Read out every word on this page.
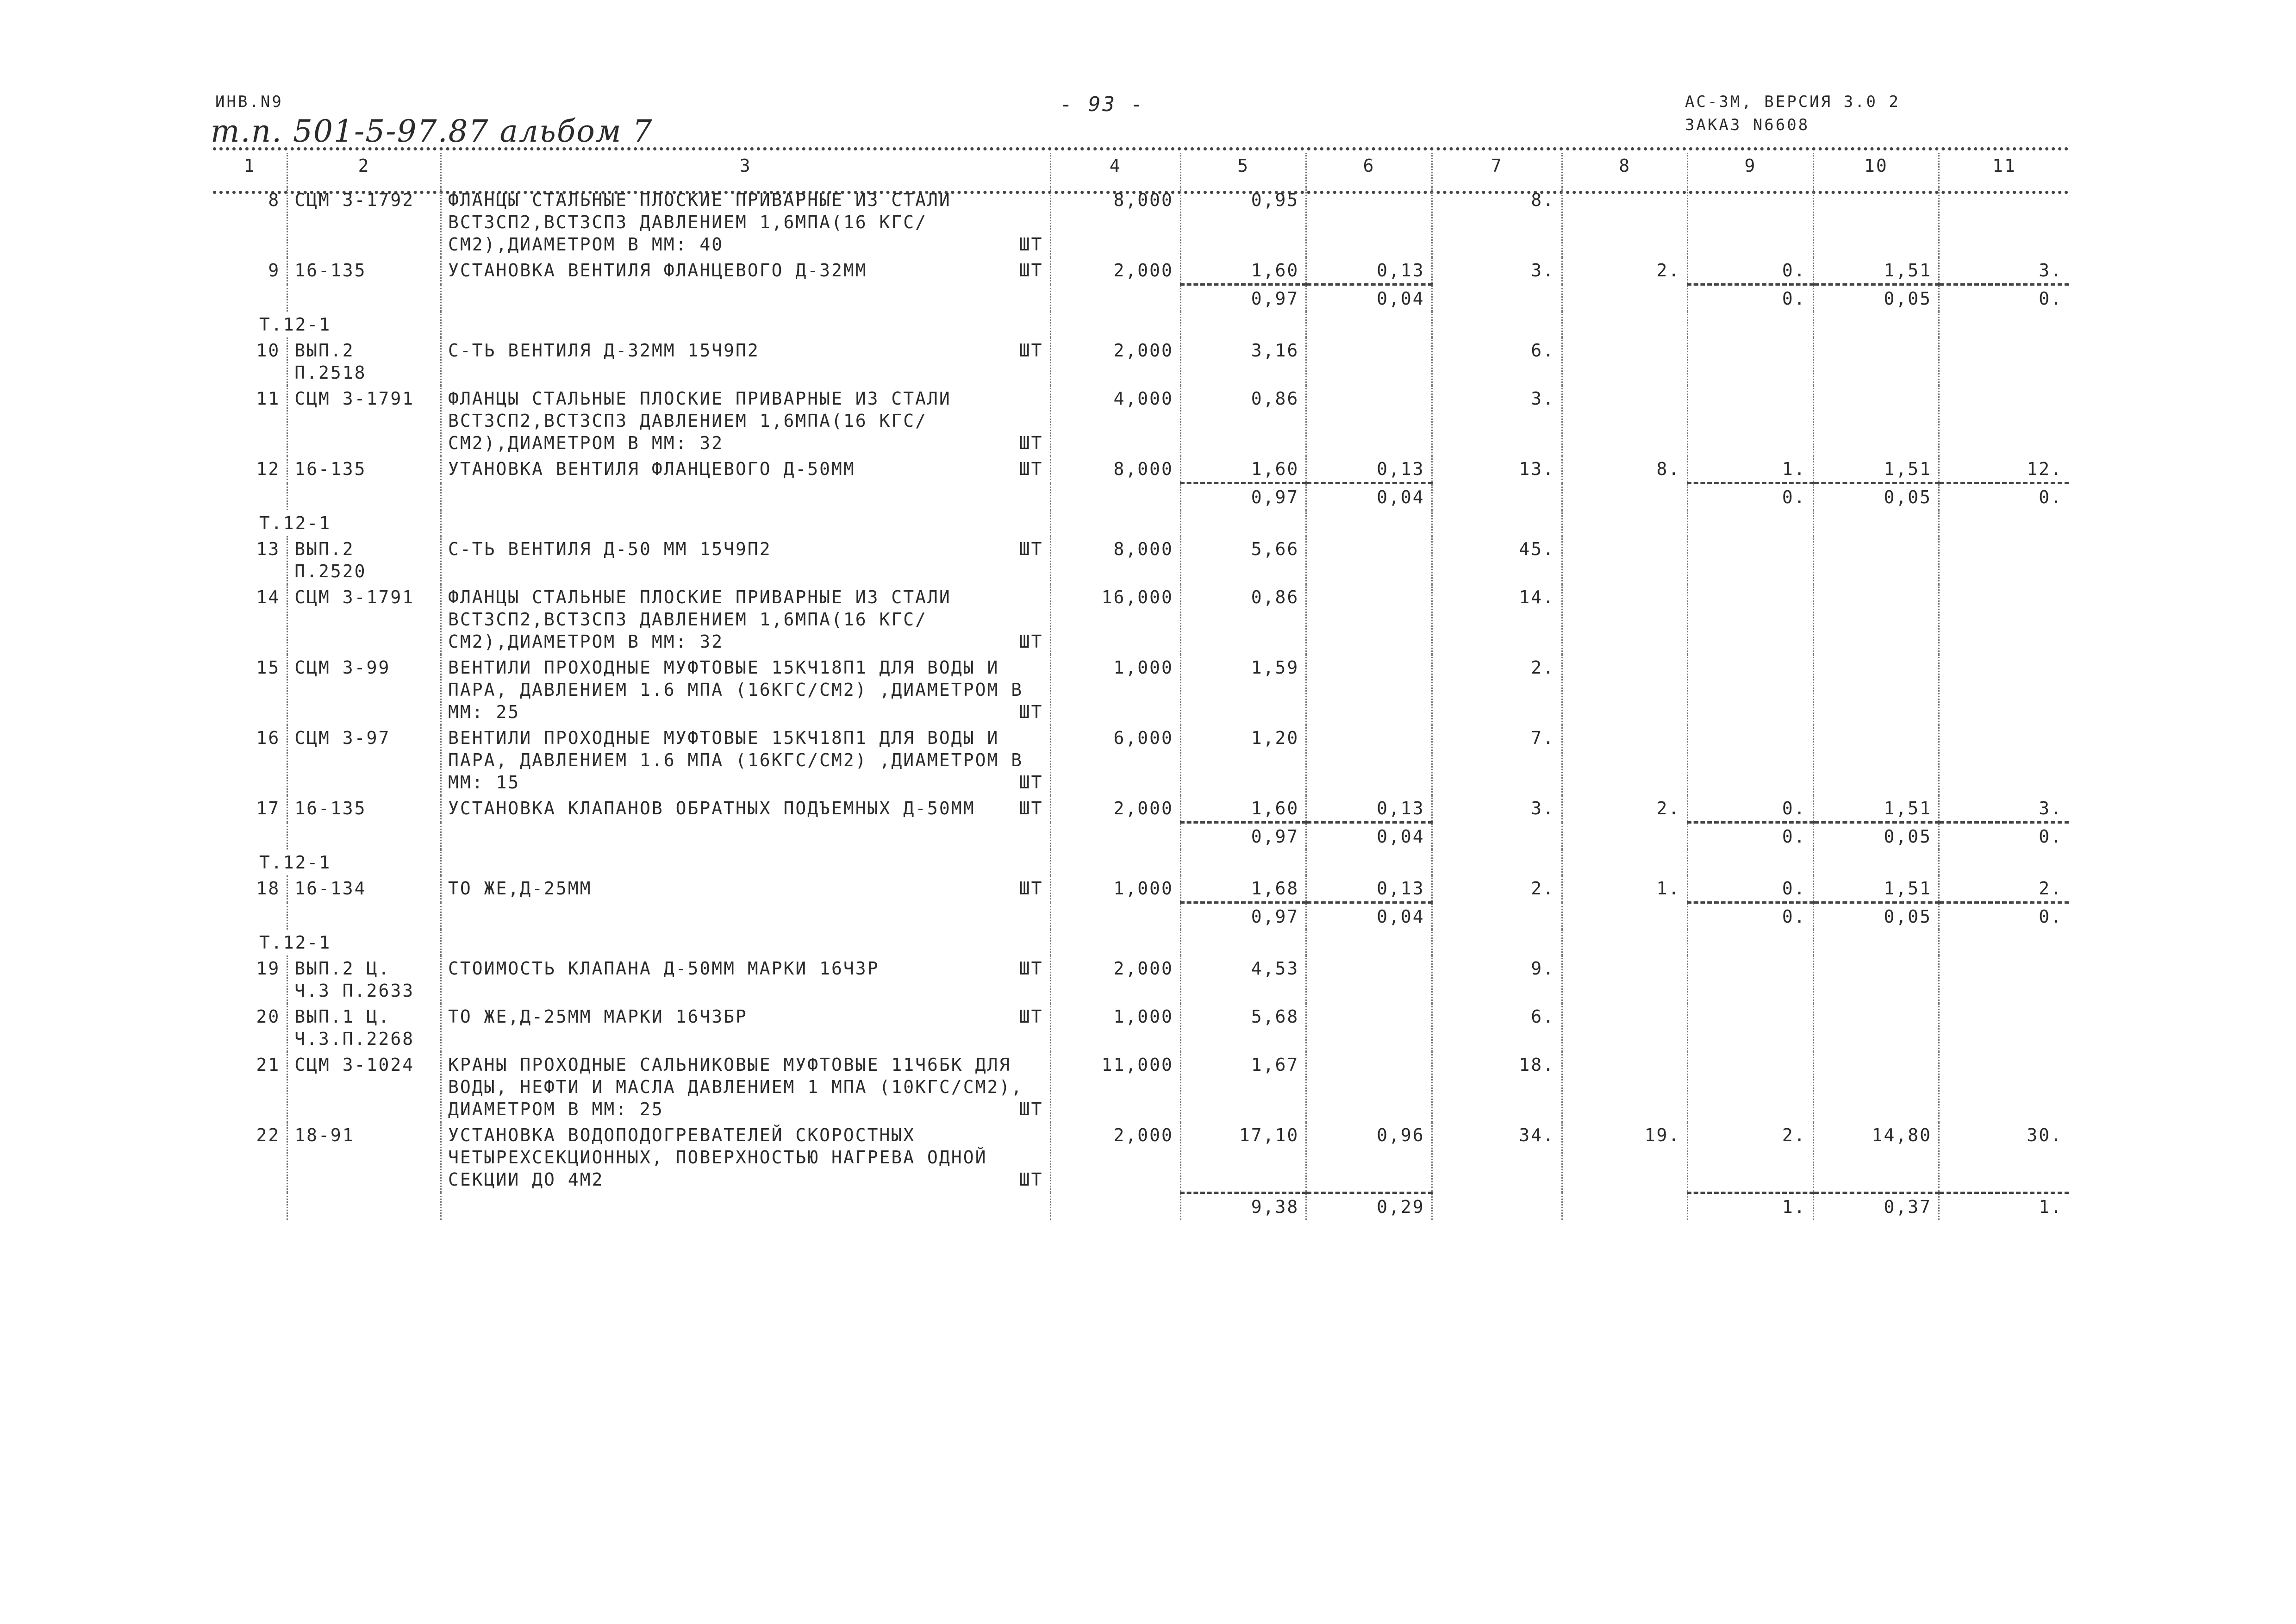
ИНВ.N9
т.п. 501-5-97.87 альбом 7
- 93 -	АС-3М, ВЕРСИЯ 3.0 2
ЗАКАЗ N6608
1	2	3	4	5	6	7	8	9	10	11
8	СЦМ 3-1792	ФЛАНЦЫ СТАЛЬНЫЕ ПЛОСКИЕ ПРИВАРНЫЕ ИЗ СТАЛИ ВСТ3СП2,ВСТ3СП3 ДАВЛЕНИЕМ 1,6МПА(16 КГС/СМ2),ДИАМЕТРОМ В ММ: 40 ШТ	8,000	0,95		8.				
9	16-135	УСТАНОВКА ВЕНТИЛЯ ФЛАНЦЕВОГО Д-32ММ ШТ	2,000	1,60	0,13	3.	2.	0.	1,51	3.
				0,97	0,04			0.	0,05	0.
Т.12-1										
10	ВЫП.2
П.2518	С-ТЬ ВЕНТИЛЯ Д-32ММ 15Ч9П2 ШТ	2,000	3,16		6.				
11	СЦМ 3-1791	ФЛАНЦЫ СТАЛЬНЫЕ ПЛОСКИЕ ПРИВАРНЫЕ ИЗ СТАЛИ ВСТ3СП2,ВСТ3СП3 ДАВЛЕНИЕМ 1,6МПА(16 КГС/СМ2),ДИАМЕТРОМ В ММ: 32 ШТ	4,000	0,86		3.				
12	16-135	УТАНОВКА ВЕНТИЛЯ ФЛАНЦЕВОГО Д-50ММ ШТ	8,000	1,60	0,13	13.	8.	1.	1,51	12.
				0,97	0,04			0.	0,05	0.
Т.12-1										
13	ВЫП.2
П.2520	С-ТЬ ВЕНТИЛЯ Д-50 ММ 15Ч9П2 ШТ	8,000	5,66		45.				
14	СЦМ 3-1791	ФЛАНЦЫ СТАЛЬНЫЕ ПЛОСКИЕ ПРИВАРНЫЕ ИЗ СТАЛИ ВСТ3СП2,ВСТ3СП3 ДАВЛЕНИЕМ 1,6МПА(16 КГС/СМ2),ДИАМЕТРОМ В ММ: 32 ШТ	16,000	0,86		14.				
15	СЦМ 3-99	ВЕНТИЛИ ПРОХОДНЫЕ МУФТОВЫЕ 15КЧ18П1 ДЛЯ ВОДЫ И ПАРА, ДАВЛЕНИЕМ 1.6 МПА (16КГС/СМ2) ,ДИАМЕТРОМ В ММ: 25 ШТ	1,000	1,59		2.				
16	СЦМ 3-97	ВЕНТИЛИ ПРОХОДНЫЕ МУФТОВЫЕ 15КЧ18П1 ДЛЯ ВОДЫ И ПАРА, ДАВЛЕНИЕМ 1.6 МПА (16КГС/СМ2) ,ДИАМЕТРОМ В ММ: 15 ШТ	6,000	1,20		7.				
17	16-135	УСТАНОВКА КЛАПАНОВ ОБРАТНЫХ ПОДЪЕМНЫХ Д-50ММ ШТ	2,000	1,60	0,13	3.	2.	0.	1,51	3.
				0,97	0,04			0.	0,05	0.
Т.12-1										
18	16-134	ТО ЖЕ,Д-25ММ ШТ	1,000	1,68	0,13	2.	1.	0.	1,51	2.
				0,97	0,04			0.	0,05	0.
Т.12-1										
19	ВЫП.2 Ц.
Ч.3 П.2633	СТОИМОСТЬ КЛАПАНА Д-50ММ МАРКИ 16Ч3Р ШТ	2,000	4,53		9.				
20	ВЫП.1 Ц.
Ч.3.П.2268	ТО ЖЕ,Д-25ММ МАРКИ 16Ч3БР ШТ	1,000	5,68		6.				
21	СЦМ 3-1024	КРАНЫ ПРОХОДНЫЕ САЛЬНИКОВЫЕ МУФТОВЫЕ 11Ч6БК ДЛЯ ВОДЫ, НЕФТИ И МАСЛА ДАВЛЕНИЕМ 1 МПА (10КГС/СМ2), ДИАМЕТРОМ В ММ: 25 ШТ	11,000	1,67		18.				
22	18-91	УСТАНОВКА ВОДОПОДОГРЕВАТЕЛЕЙ СКОРОСТНЫХ ЧЕТЫРЕХСЕКЦИОННЫХ, ПОВЕРХНОСТЬЮ НАГРЕВА ОДНОЙ СЕКЦИИ ДО 4М2 ШТ	2,000	17,10	0,96	34.	19.	2.	14,80	30.
				9,38	0,29			1.	0,37	1.
